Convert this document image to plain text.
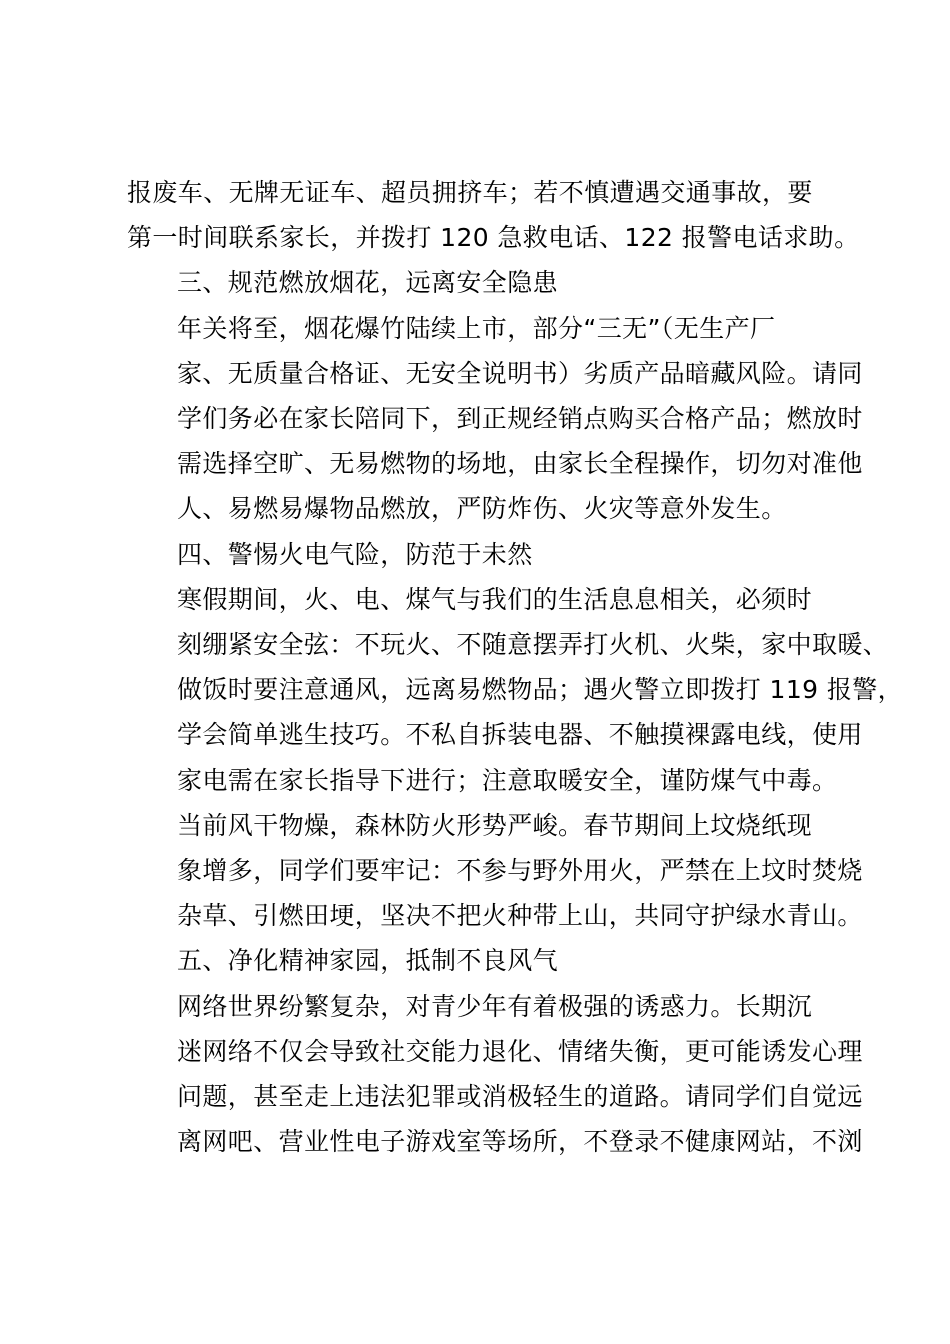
报废车、无牌无证车、超员拥挤车；若不慎遭遇交通事故，要
第一时间联系家长，并拨打 120 急救电话、122 报警电话求助。

三、规范燃放烟花，远离安全隐患

年关将至，烟花爆竹陆续上市，部分“三无”（无生产厂
家、无质量合格证、无安全说明书）劣质产品暗藏风险。请同
学们务必在家长陪同下，到正规经销点购买合格产品；燃放时
需选择空旷、无易燃物的场地，由家长全程操作，切勿对准他
人、易燃易爆物品燃放，严防炸伤、火灾等意外发生。

四、警惕火电气险，防范于未然

寒假期间，火、电、煤气与我们的生活息息相关，必须时
刻绷紧安全弦：不玩火、不随意摆弄打火机、火柴，家中取暖、
做饭时要注意通风，远离易燃物品；遇火警立即拨打 119 报警，
学会简单逃生技巧。不私自拆装电器、不触摸裸露电线，使用
家电需在家长指导下进行；注意取暖安全，谨防煤气中毒。

当前风干物燥，森林防火形势严峻。春节期间上坟烧纸现
象增多，同学们要牢记：不参与野外用火，严禁在上坟时焚烧
杂草、引燃田埂，坚决不把火种带上山，共同守护绿水青山。

五、净化精神家园，抵制不良风气

网络世界纷繁复杂，对青少年有着极强的诱惑力。长期沉
迷网络不仅会导致社交能力退化、情绪失衡，更可能诱发心理
问题，甚至走上违法犯罪或消极轻生的道路。请同学们自觉远
离网吧、营业性电子游戏室等场所，不登录不健康网站，不浏
